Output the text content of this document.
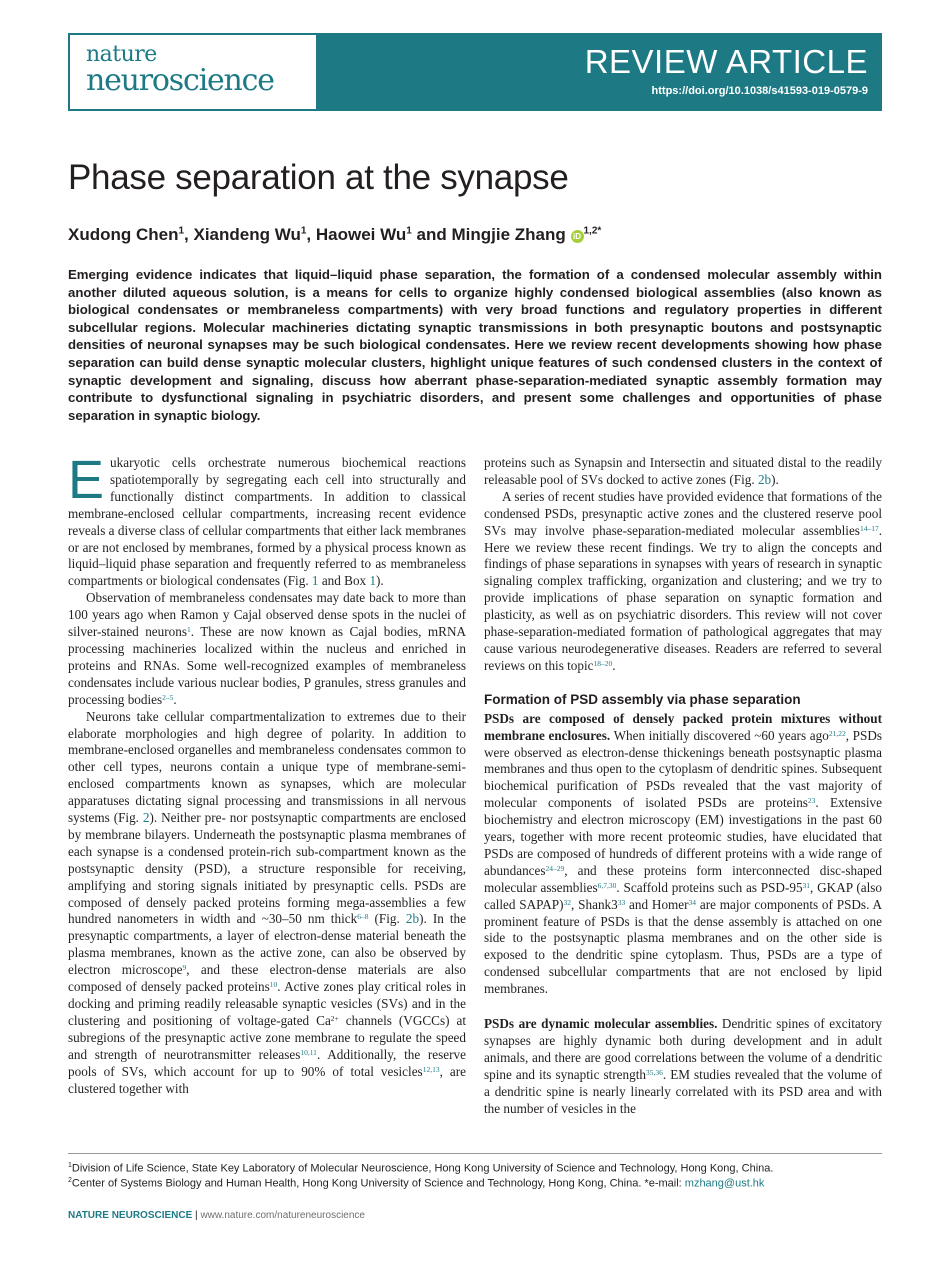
nature
neuroscience
REVIEW ARTICLE
https://doi.org/10.1038/s41593-019-0579-9
Phase separation at the synapse
Xudong Chen$^1$, Xiandeng Wu$^1$, Haowei Wu$^1$ and Mingjie Zhang $iD^{1,2*}$
Emerging evidence indicates that liquid–liquid phase separation, the formation of a condensed molecular assembly within another diluted aqueous solution, is a means for cells to organize highly condensed biological assemblies (also known as biological condensates or membraneless compartments) with very broad functions and regulatory properties in different subcellular regions. Molecular machineries dictating synaptic transmissions in both presynaptic boutons and postsynaptic densities of neuronal synapses may be such biological condensates. Here we review recent developments showing how phase separation can build dense synaptic molecular clusters, highlight unique features of such condensed clusters in the context of synaptic development and signaling, discuss how aberrant phase-separation-mediated synaptic assembly formation may contribute to dysfunctional signaling in psychiatric disorders, and present some challenges and opportunities of phase separation in synaptic biology.

Eukaryotic cells orchestrate numerous biochemical reactions spatiotemporally by segregating each cell into structurally and functionally distinct compartments. In addition to classical membrane-enclosed cellular compartments, increasing recent evidence reveals a diverse class of cellular compartments that either lack membranes or are not enclosed by membranes, formed by a physical process known as liquid–liquid phase separation and frequently referred to as membraneless compartments or biological condensates (Fig. 1 and Box 1).

Observation of membraneless condensates may date back to more than 100 years ago when Ramon y Cajal observed dense spots in the nuclei of silver-stained neurons$^1$. These are now known as Cajal bodies, mRNA processing machineries localized within the nucleus and enriched in proteins and RNAs. Some well-recognized examples of membraneless condensates include various nuclear bodies, P granules, stress granules and processing bodies$^{2-5}$.

Neurons take cellular compartmentalization to extremes due to their elaborate morphologies and high degree of polarity. In addition to membrane-enclosed organelles and membraneless condensates common to other cell types, neurons contain a unique type of membrane-semi-enclosed compartments known as synapses, which are molecular apparatuses dictating signal processing and transmissions in all nervous systems (Fig. 2). Neither pre- nor postsynaptic compartments are enclosed by membrane bilayers. Underneath the postsynaptic plasma membranes of each synapse is a condensed protein-rich sub-compartment known as the postsynaptic density (PSD), a structure responsible for receiving, amplifying and storing signals initiated by presynaptic cells. PSDs are composed of densely packed proteins forming mega-assemblies a few hundred nanometers in width and ~30–50 nm thick$^{6-8}$ (Fig. 2b). In the presynaptic compartments, a layer of electron-dense material beneath the plasma membranes, known as the active zone, can also be observed by electron microscope$^9$, and these electron-dense materials are also composed of densely packed proteins$^{10}$. Active zones play critical roles in docking and priming readily releasable synaptic vesicles (SVs) and in the clustering and positioning of voltage-gated $Ca^{2+}$ channels (VGCCs) at subregions of the presynaptic active zone membrane to regulate the speed and strength of neurotransmitter releases$^{10,11}$. Additionally, the reserve pools of SVs, which account for up to 90% of total vesicles$^{12,13}$, are clustered together with

proteins such as Synapsin and Intersectin and situated distal to the readily releasable pool of SVs docked to active zones (Fig. 2b).

A series of recent studies have provided evidence that formations of the condensed PSDs, presynaptic active zones and the clustered reserve pool SVs may involve phase-separation-mediated molecular assemblies$^{14-17}$. Here we review these recent findings. We try to align the concepts and findings of phase separations in synapses with years of research in synaptic signaling complex trafficking, organization and clustering; and we try to provide implications of phase separation on synaptic formation and plasticity, as well as on psychiatric disorders. This review will not cover phase-separation-mediated formation of pathological aggregates that may cause various neurodegenerative diseases. Readers are referred to several reviews on this topic$^{18-20}$.

Formation of PSD assembly via phase separation

PSDs are composed of densely packed protein mixtures without membrane enclosures. When initially discovered ~60 years ago$^{21,22}$, PSDs were observed as electron-dense thickenings beneath postsynaptic plasma membranes and thus open to the cytoplasm of dendritic spines. Subsequent biochemical purification of PSDs revealed that the vast majority of molecular components of isolated PSDs are proteins$^{23}$. Extensive biochemistry and electron microscopy (EM) investigations in the past 60 years, together with more recent proteomic studies, have elucidated that PSDs are composed of hundreds of different proteins with a wide range of abundances$^{24-29}$, and these proteins form interconnected disc-shaped molecular assemblies$^{6,7,30}$. Scaffold proteins such as PSD-$95^{31}$, GKAP (also called SAPAP)$^{32}$, $Shank3^{33}$ and Homer$^{34}$ are major components of PSDs. A prominent feature of PSDs is that the dense assembly is attached on one side to the postsynaptic plasma membranes and on the other side is exposed to the dendritic spine cytoplasm. Thus, PSDs are a type of condensed subcellular compartments that are not enclosed by lipid membranes.

PSDs are dynamic molecular assemblies. Dendritic spines of excitatory synapses are highly dynamic both during development and in adult animals, and there are good correlations between the volume of a dendritic spine and its synaptic strength$^{35,36}$. EM studies revealed that the volume of a dendritic spine is nearly linearly correlated with its PSD area and with the number of vesicles in the

$^1$Division of Life Science, State Key Laboratory of Molecular Neuroscience, Hong Kong University of Science and Technology, Hong Kong, China.
$^2$Center of Systems Biology and Human Health, Hong Kong University of Science and Technology, Hong Kong, China. *e-mail: mzhang@ust.hk
NATURE NEUROSCIENCE | www.nature.com/natureneuroscience
